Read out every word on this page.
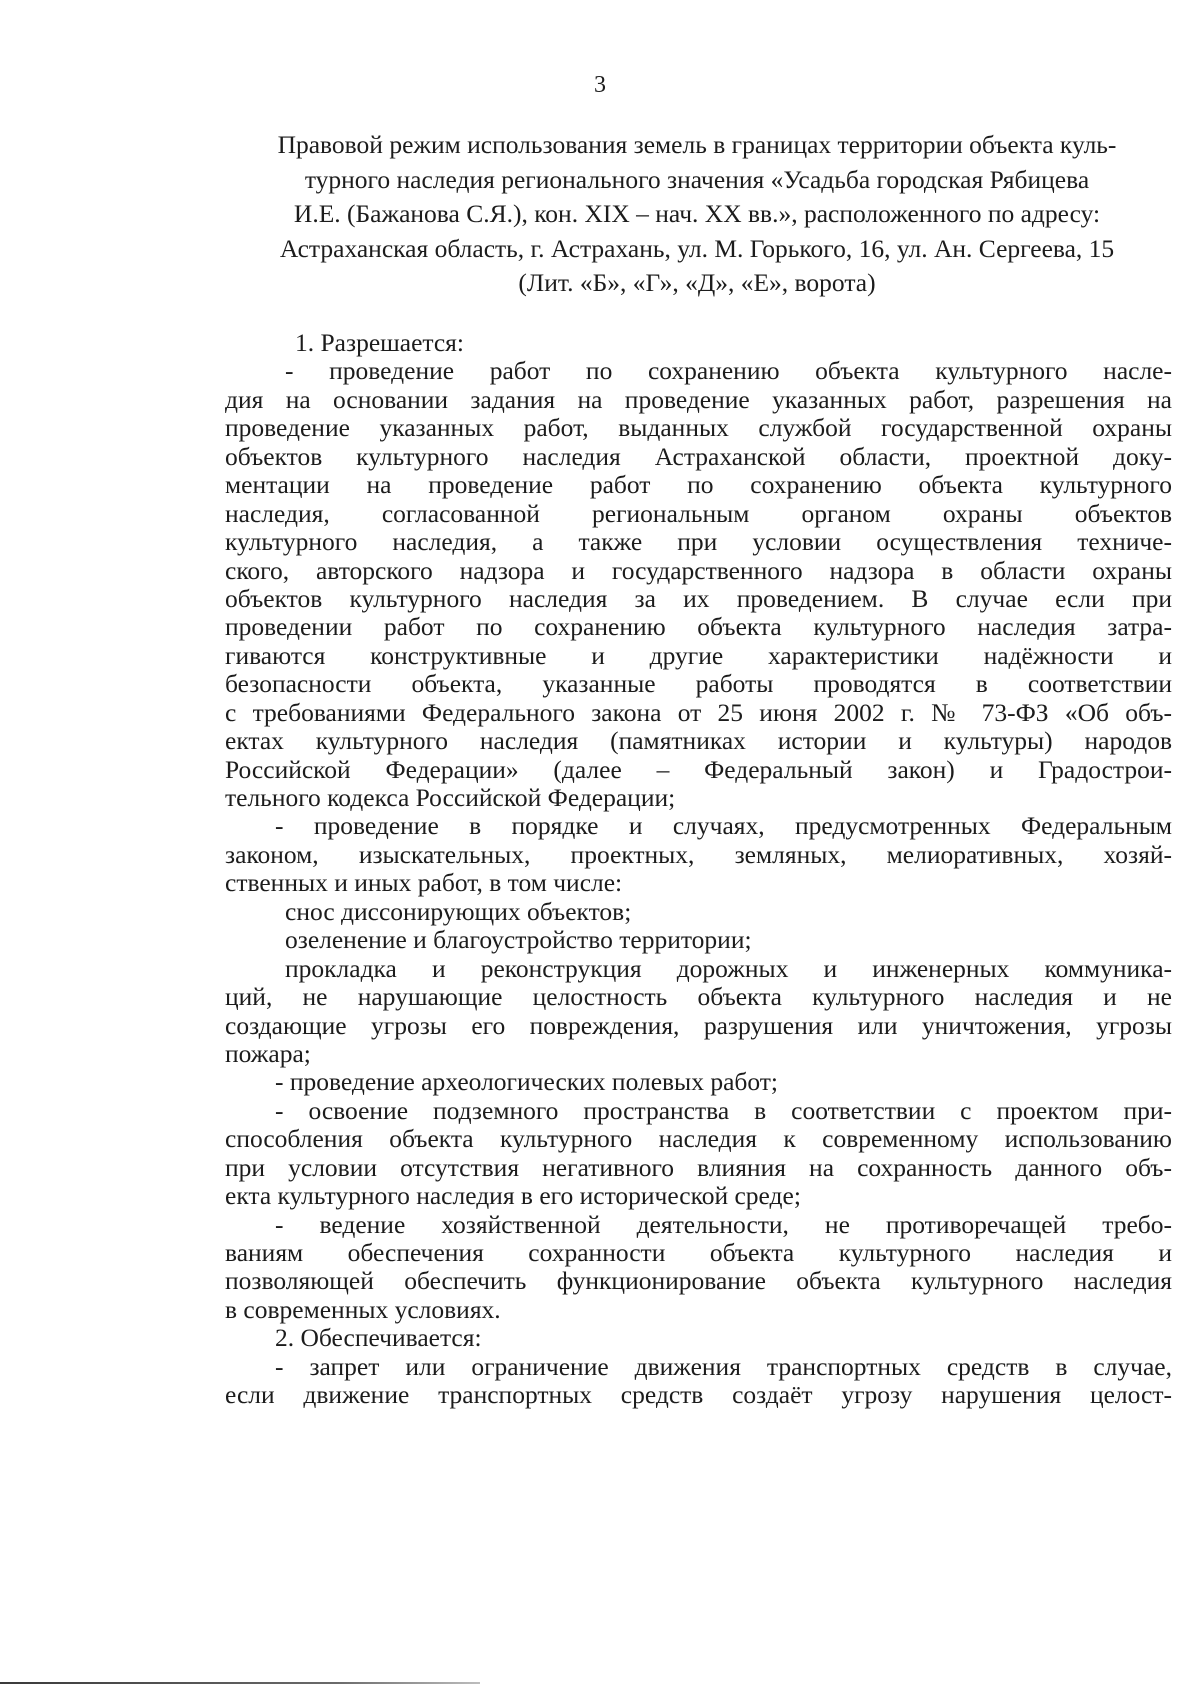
3
Правовой режим использования земель в границах территории объекта куль-
турного наследия регионального значения «Усадьба городская Рябицева
И.Е. (Бажанова С.Я.), кон. XIX – нач. XX вв.», расположенного по адресу:
Астраханская область, г. Астрахань, ул. М. Горького, 16, ул. Ан. Сергеева, 15
(Лит. «Б», «Г», «Д», «Е», ворота)
1. Разрешается:
- проведение работ по сохранению объекта культурного насле-
дия на основании задания на проведение указанных работ, разрешения на
проведение указанных работ, выданных службой государственной охраны
объектов культурного наследия Астраханской области, проектной доку-
ментации на проведение работ по сохранению объекта культурного
наследия, согласованной региональным органом охраны объектов
культурного наследия, а также при условии осуществления техниче-
ского, авторского надзора и государственного надзора в области охраны
объектов культурного наследия за их проведением. В случае если при
проведении работ по сохранению объекта культурного наследия затра-
гиваются конструктивные и другие характеристики надёжности и
безопасности объекта, указанные работы проводятся в соответствии
с требованиями Федерального закона от 25 июня 2002 г. № 73-ФЗ «Об объ-
ектах культурного наследия (памятниках истории и культуры) народов
Российской Федерации» (далее – Федеральный закон) и Градострои-
тельного кодекса Российской Федерации;
- проведение в порядке и случаях, предусмотренных Федеральным
законом, изыскательных, проектных, земляных, мелиоративных, хозяй-
ственных и иных работ, в том числе:
снос диссонирующих объектов;
озеленение и благоустройство территории;
прокладка и реконструкция дорожных и инженерных коммуника-
ций, не нарушающие целостность объекта культурного наследия и не
создающие угрозы его повреждения, разрушения или уничтожения, угрозы
пожара;
- проведение археологических полевых работ;
- освоение подземного пространства в соответствии с проектом при-
способления объекта культурного наследия к современному использованию
при условии отсутствия негативного влияния на сохранность данного объ-
екта культурного наследия в его исторической среде;
- ведение хозяйственной деятельности, не противоречащей требо-
ваниям обеспечения сохранности объекта культурного наследия и
позволяющей обеспечить функционирование объекта культурного наследия
в современных условиях.
2. Обеспечивается:
- запрет или ограничение движения транспортных средств в случае,
если движение транспортных средств создаёт угрозу нарушения целост-
